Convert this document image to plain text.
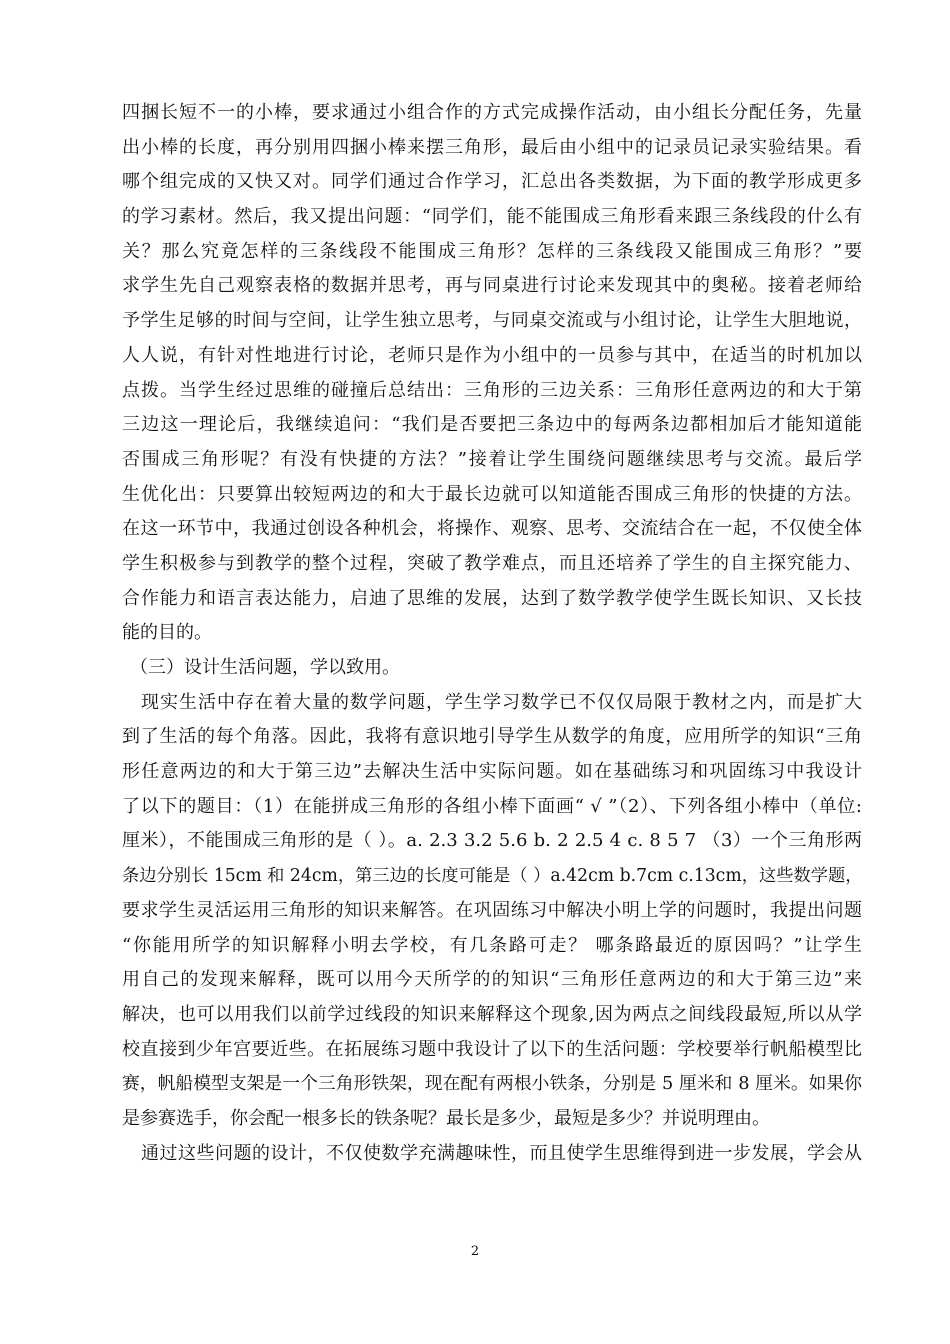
四捆长短不一的小棒，要求通过小组合作的方式完成操作活动，由小组长分配任务，先量
出小棒的长度，再分别用四捆小棒来摆三角形，最后由小组中的记录员记录实验结果。看
哪个组完成的又快又对。同学们通过合作学习，汇总出各类数据，为下面的教学形成更多
的学习素材。然后，我又提出问题：“同学们，能不能围成三角形看来跟三条线段的什么有
关？那么究竟怎样的三条线段不能围成三角形？怎样的三条线段又能围成三角形？”要
求学生先自己观察表格的数据并思考，再与同桌进行讨论来发现其中的奥秘。接着老师给
予学生足够的时间与空间，让学生独立思考，与同桌交流或与小组讨论，让学生大胆地说，
人人说，有针对性地进行讨论，老师只是作为小组中的一员参与其中，在适当的时机加以
点拨。当学生经过思维的碰撞后总结出：三角形的三边关系：三角形任意两边的和大于第
三边这一理论后，我继续追问：“我们是否要把三条边中的每两条边都相加后才能知道能
否围成三角形呢？有没有快捷的方法？”接着让学生围绕问题继续思考与交流。最后学
生优化出：只要算出较短两边的和大于最长边就可以知道能否围成三角形的快捷的方法。
在这一环节中，我通过创设各种机会，将操作、观察、思考、交流结合在一起，不仅使全体
学生积极参与到教学的整个过程，突破了教学难点，而且还培养了学生的自主探究能力、
合作能力和语言表达能力，启迪了思维的发展，达到了数学教学使学生既长知识、又长技
能的目的。
（三）设计生活问题，学以致用。
现实生活中存在着大量的数学问题，学生学习数学已不仅仅局限于教材之内，而是扩大
到了生活的每个角落。因此，我将有意识地引导学生从数学的角度，应用所学的知识“三角
形任意两边的和大于第三边”去解决生活中实际问题。如在基础练习和巩固练习中我设计
了以下的题目：（1）在能拼成三角形的各组小棒下面画“ √ ”（2）、下列各组小棒中（单位:
厘米），不能围成三角形的是（ ）。a. 2.3 3.2 5.6 b. 2 2.5 4 c. 8 5 7 （3）一个三角形两
条边分别长 15cm 和 24cm，第三边的长度可能是（ ）a.42cm b.7cm c.13cm，这些数学题，
要求学生灵活运用三角形的知识来解答。在巩固练习中解决小明上学的问题时，我提出问题
“你能用所学的知识解释小明去学校，有几条路可走？ 哪条路最近的原因吗？”让学生
用自己的发现来解释，既可以用今天所学的的知识“三角形任意两边的和大于第三边”来
解决，也可以用我们以前学过线段的知识来解释这个现象,因为两点之间线段最短,所以从学
校直接到少年宫要近些。在拓展练习题中我设计了以下的生活问题：学校要举行帆船模型比
赛，帆船模型支架是一个三角形铁架，现在配有两根小铁条，分别是 5 厘米和 8 厘米。如果你
是参赛选手，你会配一根多长的铁条呢？最长是多少，最短是多少？并说明理由。
通过这些问题的设计，不仅使数学充满趣味性，而且使学生思维得到进一步发展，学会从
2
